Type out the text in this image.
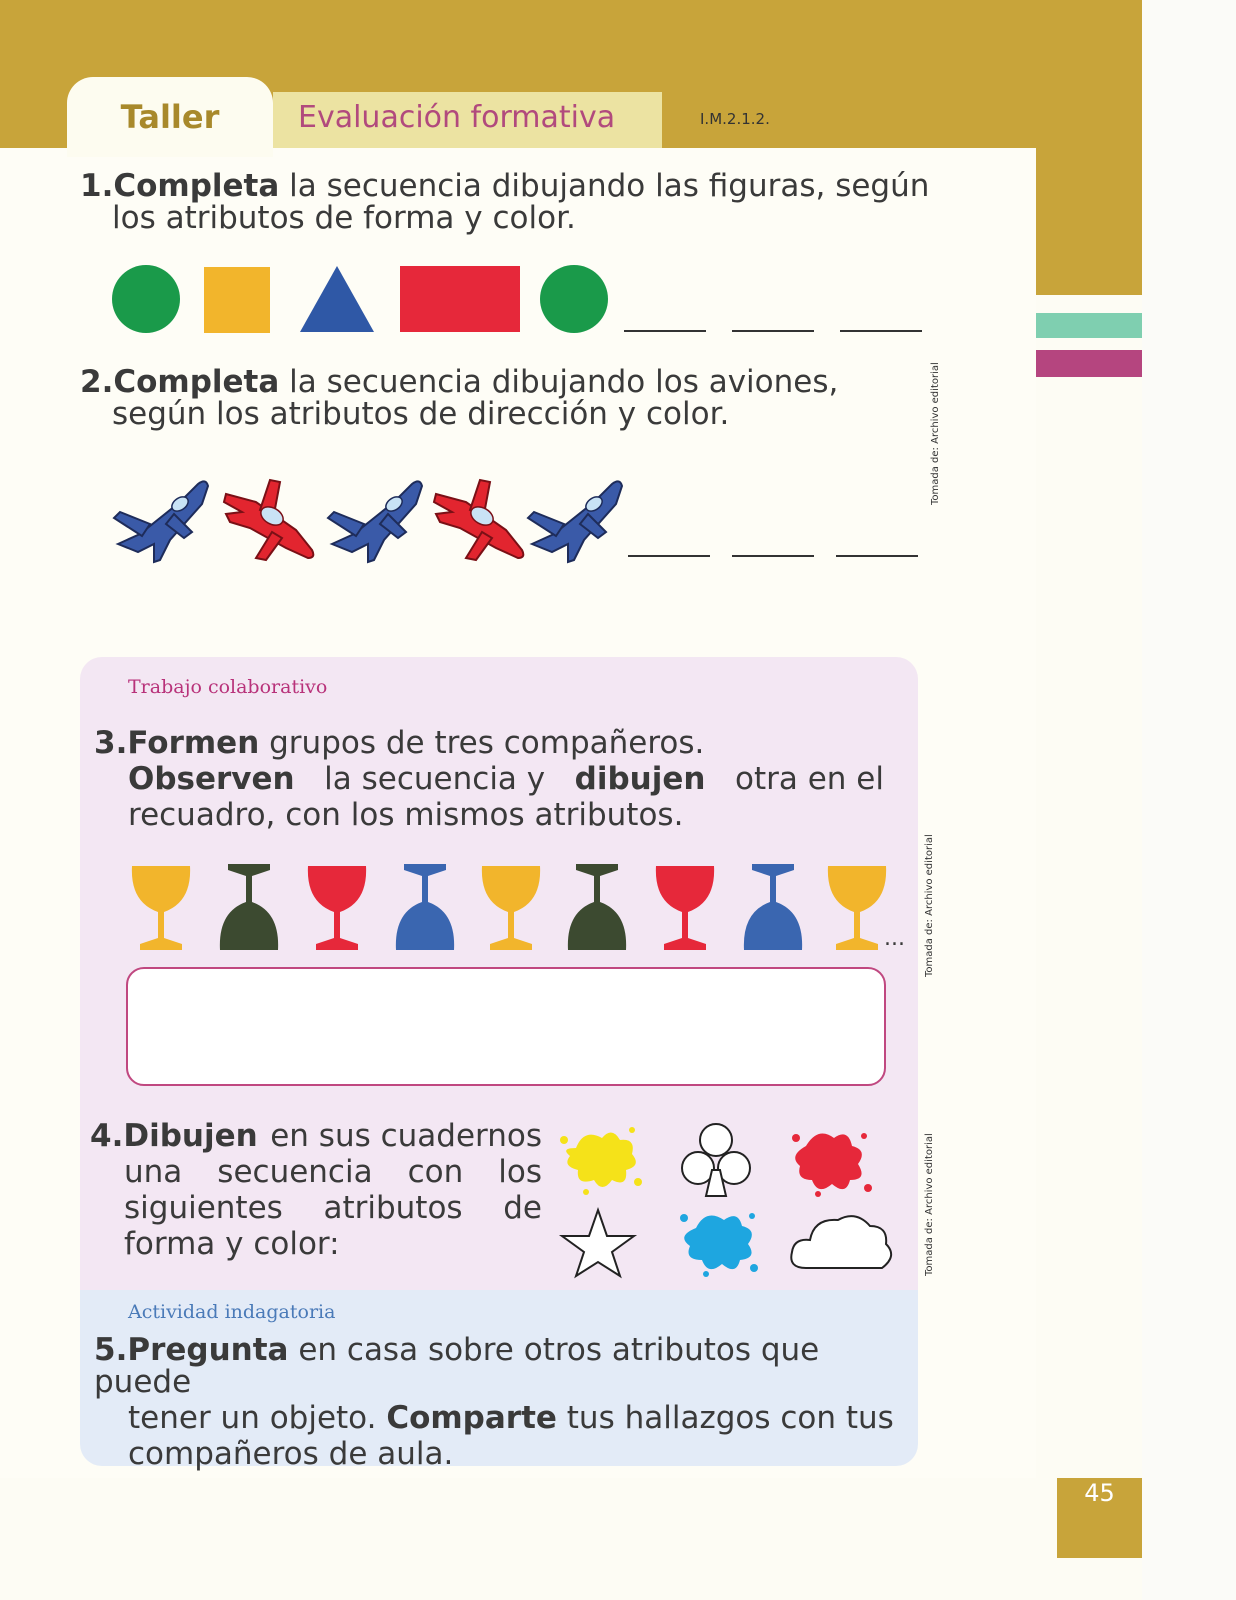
Taller	Evaluación formativa	I.M.2.1.2.
1.Completa la secuencia dibujando las figuras, según
los atributos de forma y color.
2.Completa la secuencia dibujando los aviones,
según los atributos de dirección y color.
Trabajo colaborativo
3.Formen grupos de tres compañeros.
Observen la secuencia y dibujen otra en el
recuadro, con los mismos atributos.
...
4.Dibujen en sus cuadernos
una secuencia con los
siguientes atributos de
forma y color:
Actividad indagatoria
5.Pregunta en casa sobre otros atributos que puede
tener un objeto. Comparte tus hallazgos con tus
compañeros de aula.
Tomada de: Archivo editorial
Tomada de: Archivo editorial
Tomada de: Archivo editorial
45
